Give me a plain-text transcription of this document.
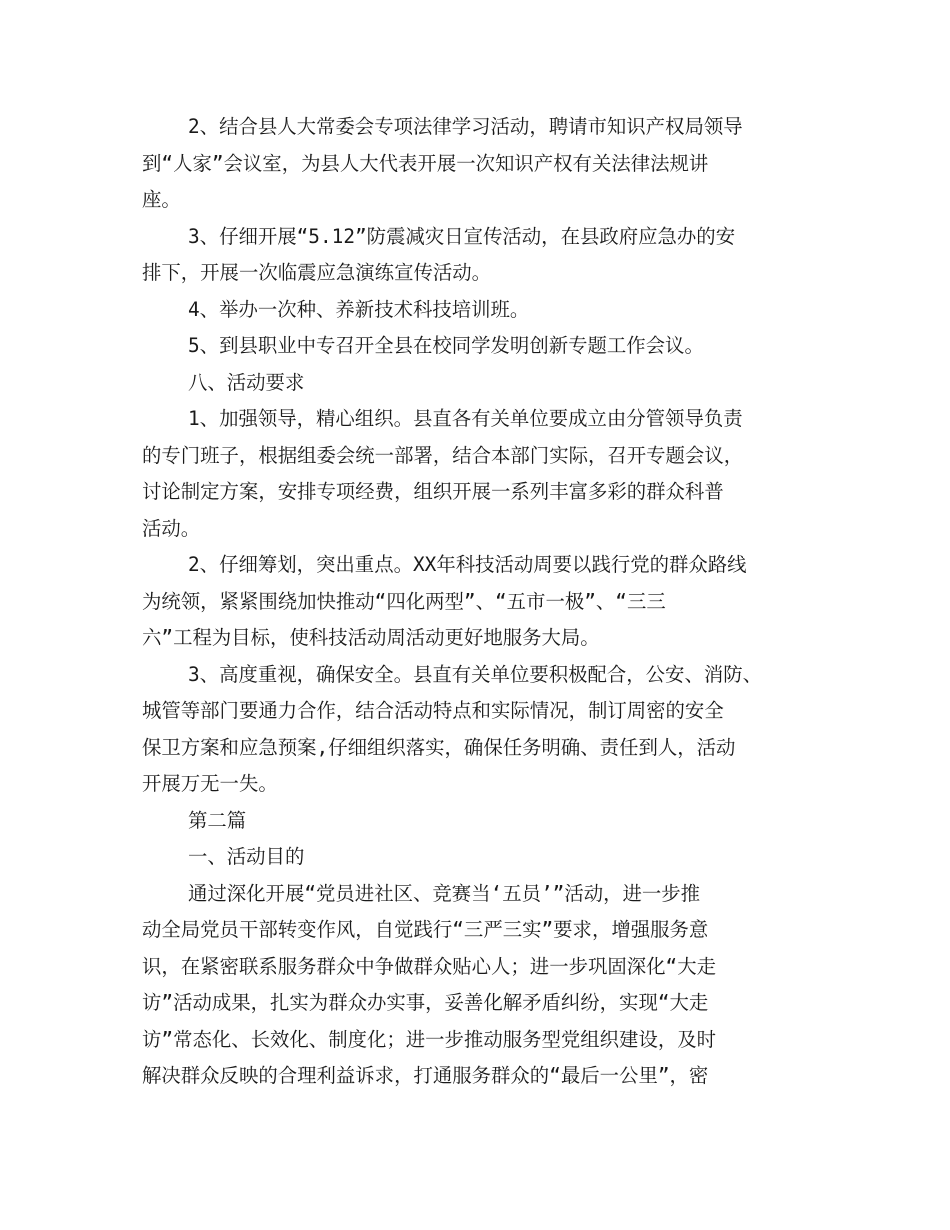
2、结合县人大常委会专项法律学习活动，聘请市知识产权局领导
到“人家”会议室，为县人大代表开展一次知识产权有关法律法规讲
座。
3、仔细开展“5.12”防震减灾日宣传活动，在县政府应急办的安
排下，开展一次临震应急演练宣传活动。
4、举办一次种、养新技术科技培训班。
5、到县职业中专召开全县在校同学发明创新专题工作会议。
八、活动要求
1、加强领导，精心组织。县直各有关单位要成立由分管领导负责
的专门班子，根据组委会统一部署，结合本部门实际，召开专题会议，
讨论制定方案，安排专项经费，组织开展一系列丰富多彩的群众科普
活动。
2、仔细筹划，突出重点。XX年科技活动周要以践行党的群众路线
为统领，紧紧围绕加快推动“四化两型”、“五市一极”、“三三
六”工程为目标，使科技活动周活动更好地服务大局。
3、高度重视，确保安全。县直有关单位要积极配合，公安、消防、
城管等部门要通力合作，结合活动特点和实际情况，制订周密的安全
保卫方案和应急预案,仔细组织落实，确保任务明确、责任到人，活动
开展万无一失。
第二篇
一、活动目的
通过深化开展“党员进社区、竞赛当‘五员’”活动，进一步推
动全局党员干部转变作风，自觉践行“三严三实”要求，增强服务意
识，在紧密联系服务群众中争做群众贴心人；进一步巩固深化“大走
访”活动成果，扎实为群众办实事，妥善化解矛盾纠纷，实现“大走
访”常态化、长效化、制度化；进一步推动服务型党组织建设，及时
解决群众反映的合理利益诉求，打通服务群众的“最后一公里”，密
